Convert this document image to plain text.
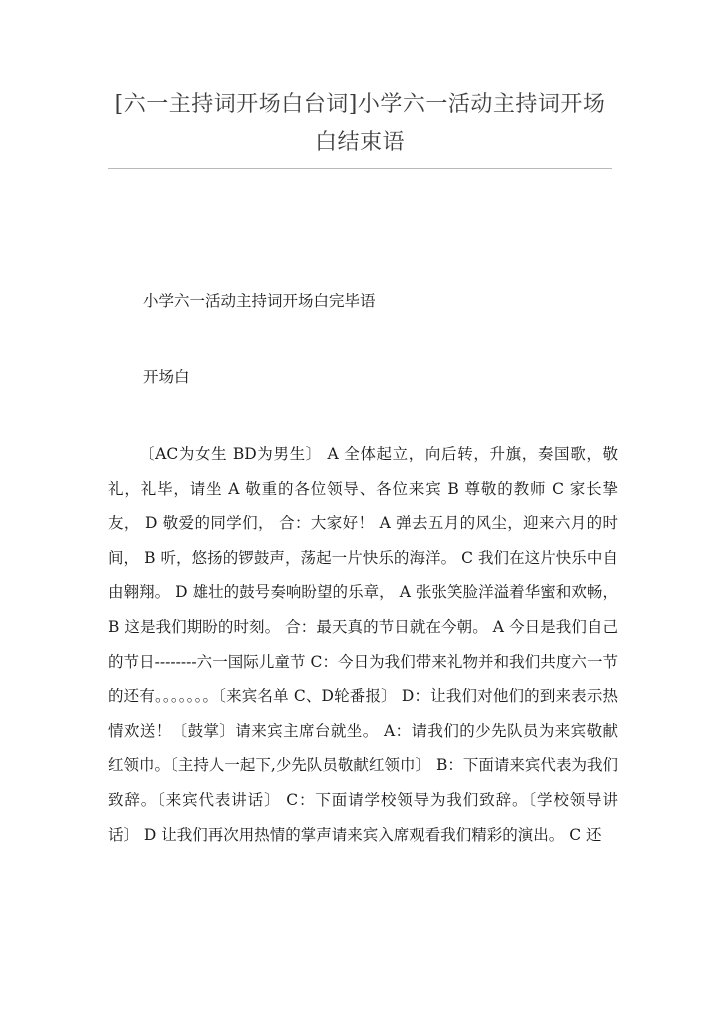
[六一主持词开场白台词]小学六一活动主持词开场白结束语
小学六一活动主持词开场白完毕语
开场白
〔AC为女生 BD为男生〕 A 全体起立，向后转，升旗，奏国歌，敬礼，礼毕，请坐 A 敬重的各位领导、各位来宾 B 尊敬的教师 C 家长挚友， D 敬爱的同学们， 合：大家好！ A 弹去五月的风尘，迎来六月的时间， B 听，悠扬的锣鼓声，荡起一片快乐的海洋。 C 我们在这片快乐中自由翱翔。 D 雄壮的鼓号奏响盼望的乐章， A 张张笑脸洋溢着华蜜和欢畅， B 这是我们期盼的时刻。 合：最天真的节日就在今朝。 A 今日是我们自己的节日--------六一国际儿童节 C：今日为我们带来礼物并和我们共度六一节的还有。。。。。。。〔来宾名单 C、D轮番报〕 D：让我们对他们的到来表示热情欢送！〔鼓掌〕请来宾主席台就坐。 A：请我们的少先队员为来宾敬献红领巾。〔主持人一起下,少先队员敬献红领巾〕 B：下面请来宾代表为我们致辞。〔来宾代表讲话〕 C：下面请学校领导为我们致辞。〔学校领导讲话〕 D 让我们再次用热情的掌声请来宾入席观看我们精彩的演出。 C 还
